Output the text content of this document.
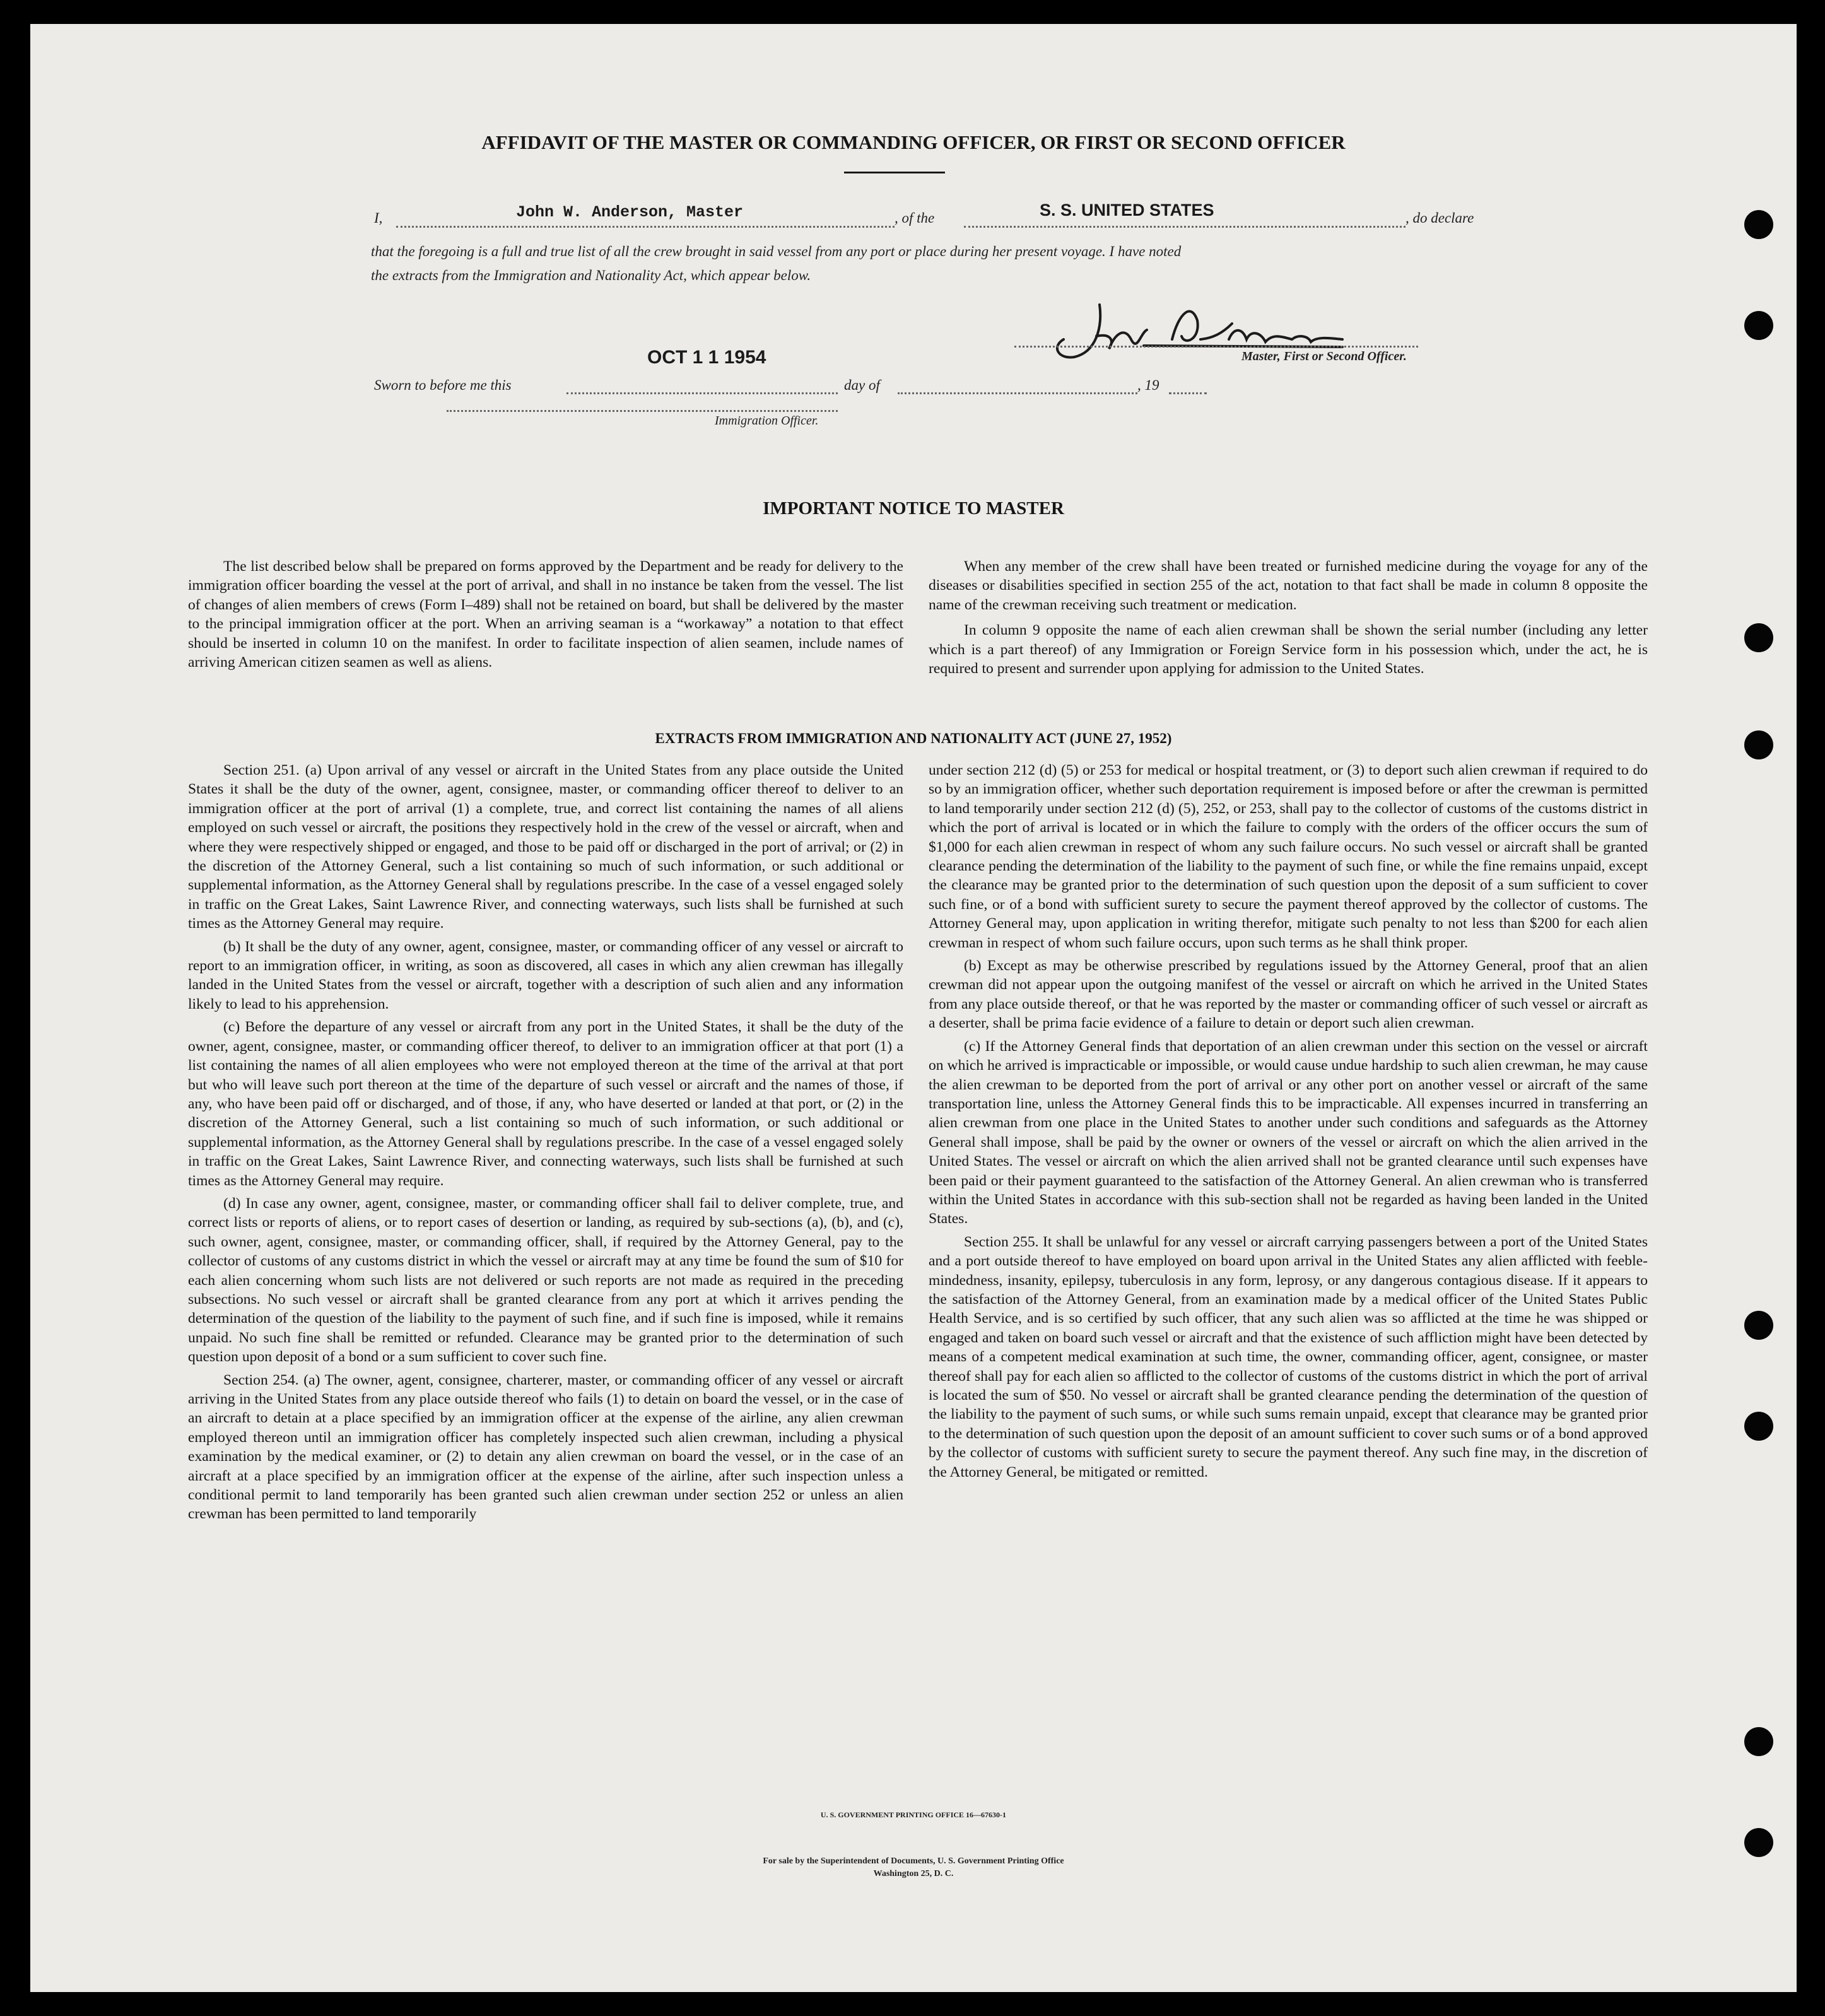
AFFIDAVIT OF THE MASTER OR COMMANDING OFFICER, OR FIRST OR SECOND OFFICER
I,	John W. Anderson, Master	, of the	S. S. UNITED STATES	, do declare
that the foregoing is a full and true list of all the crew brought in said vessel from any port or place during her present voyage. I have noted
the extracts from the Immigration and Nationality Act, which appear below.
Master, First or Second Officer.
OCT 1 1 1954
Sworn to before me this	day of	, 19
Immigration Officer.
IMPORTANT NOTICE TO MASTER

The list described below shall be prepared on forms approved by the Department and be ready for delivery to the immigration officer boarding the vessel at the port of arrival, and shall in no instance be taken from the vessel. The list of changes of alien members of crews (Form I–489) shall not be retained on board, but shall be delivered by the master to the principal immigration officer at the port. When an arriving seaman is a “workaway” a notation to that effect should be inserted in column 10 on the manifest. In order to facilitate inspection of alien seamen, include names of arriving American citizen seamen as well as aliens.

When any member of the crew shall have been treated or furnished medicine during the voyage for any of the diseases or disabilities specified in section 255 of the act, notation to that fact shall be made in column 8 opposite the name of the crewman receiving such treatment or medication.

In column 9 opposite the name of each alien crewman shall be shown the serial number (including any letter which is a part thereof) of any Immigration or Foreign Service form in his possession which, under the act, he is required to present and surrender upon applying for admission to the United States.

EXTRACTS FROM IMMIGRATION AND NATIONALITY ACT (JUNE 27, 1952)

Section 251. (a) Upon arrival of any vessel or aircraft in the United States from any place outside the United States it shall be the duty of the owner, agent, consignee, master, or commanding officer thereof to deliver to an immigration officer at the port of arrival (1) a complete, true, and correct list containing the names of all aliens employed on such vessel or aircraft, the positions they respectively hold in the crew of the vessel or aircraft, when and where they were respectively shipped or engaged, and those to be paid off or discharged in the port of arrival; or (2) in the discretion of the Attorney General, such a list containing so much of such information, or such additional or supplemental information, as the Attorney General shall by regulations prescribe. In the case of a vessel engaged solely in traffic on the Great Lakes, Saint Lawrence River, and connecting waterways, such lists shall be furnished at such times as the Attorney General may require.

(b) It shall be the duty of any owner, agent, consignee, master, or commanding officer of any vessel or aircraft to report to an immigration officer, in writing, as soon as discovered, all cases in which any alien crewman has illegally landed in the United States from the vessel or aircraft, together with a description of such alien and any information likely to lead to his apprehension.

(c) Before the departure of any vessel or aircraft from any port in the United States, it shall be the duty of the owner, agent, consignee, master, or commanding officer thereof, to deliver to an immigration officer at that port (1) a list containing the names of all alien employees who were not employed thereon at the time of the arrival at that port but who will leave such port thereon at the time of the departure of such vessel or aircraft and the names of those, if any, who have been paid off or discharged, and of those, if any, who have deserted or landed at that port, or (2) in the discretion of the Attorney General, such a list containing so much of such information, or such additional or supplemental information, as the Attorney General shall by regulations prescribe. In the case of a vessel engaged solely in traffic on the Great Lakes, Saint Lawrence River, and connecting waterways, such lists shall be furnished at such times as the Attorney General may require.

(d) In case any owner, agent, consignee, master, or commanding officer shall fail to deliver complete, true, and correct lists or reports of aliens, or to report cases of desertion or landing, as required by sub-sections (a), (b), and (c), such owner, agent, consignee, master, or commanding officer, shall, if required by the Attorney General, pay to the collector of customs of any customs district in which the vessel or aircraft may at any time be found the sum of $10 for each alien concerning whom such lists are not delivered or such reports are not made as required in the preceding subsections. No such vessel or aircraft shall be granted clearance from any port at which it arrives pending the determination of the question of the liability to the payment of such fine, and if such fine is imposed, while it remains unpaid. No such fine shall be remitted or refunded. Clearance may be granted prior to the determination of such question upon deposit of a bond or a sum sufficient to cover such fine.

Section 254. (a) The owner, agent, consignee, charterer, master, or commanding officer of any vessel or aircraft arriving in the United States from any place outside thereof who fails (1) to detain on board the vessel, or in the case of an aircraft to detain at a place specified by an immigration officer at the expense of the airline, any alien crewman employed thereon until an immigration officer has completely inspected such alien crewman, including a physical examination by the medical examiner, or (2) to detain any alien crewman on board the vessel, or in the case of an aircraft at a place specified by an immigration officer at the expense of the airline, after such inspection unless a conditional permit to land temporarily has been granted such alien crewman under section 252 or unless an alien crewman has been permitted to land temporarily

under section 212 (d) (5) or 253 for medical or hospital treatment, or (3) to deport such alien crewman if required to do so by an immigration officer, whether such deportation requirement is imposed before or after the crewman is permitted to land temporarily under section 212 (d) (5), 252, or 253, shall pay to the collector of customs of the customs district in which the port of arrival is located or in which the failure to comply with the orders of the officer occurs the sum of $1,000 for each alien crewman in respect of whom any such failure occurs. No such vessel or aircraft shall be granted clearance pending the determination of the liability to the payment of such fine, or while the fine remains unpaid, except the clearance may be granted prior to the determination of such question upon the deposit of a sum sufficient to cover such fine, or of a bond with sufficient surety to secure the payment thereof approved by the collector of customs. The Attorney General may, upon application in writing therefor, mitigate such penalty to not less than $200 for each alien crewman in respect of whom such failure occurs, upon such terms as he shall think proper.

(b) Except as may be otherwise prescribed by regulations issued by the Attorney General, proof that an alien crewman did not appear upon the outgoing manifest of the vessel or aircraft on which he arrived in the United States from any place outside thereof, or that he was reported by the master or commanding officer of such vessel or aircraft as a deserter, shall be prima facie evidence of a failure to detain or deport such alien crewman.

(c) If the Attorney General finds that deportation of an alien crewman under this section on the vessel or aircraft on which he arrived is impracticable or impossible, or would cause undue hardship to such alien crewman, he may cause the alien crewman to be deported from the port of arrival or any other port on another vessel or aircraft of the same transportation line, unless the Attorney General finds this to be impracticable. All expenses incurred in transferring an alien crewman from one place in the United States to another under such conditions and safeguards as the Attorney General shall impose, shall be paid by the owner or owners of the vessel or aircraft on which the alien arrived in the United States. The vessel or aircraft on which the alien arrived shall not be granted clearance until such expenses have been paid or their payment guaranteed to the satisfaction of the Attorney General. An alien crewman who is transferred within the United States in accordance with this sub-section shall not be regarded as having been landed in the United States.

Section 255. It shall be unlawful for any vessel or aircraft carrying passengers between a port of the United States and a port outside thereof to have employed on board upon arrival in the United States any alien afflicted with feeble-mindedness, insanity, epilepsy, tuberculosis in any form, leprosy, or any dangerous contagious disease. If it appears to the satisfaction of the Attorney General, from an examination made by a medical officer of the United States Public Health Service, and is so certified by such officer, that any such alien was so afflicted at the time he was shipped or engaged and taken on board such vessel or aircraft and that the existence of such affliction might have been detected by means of a competent medical examination at such time, the owner, commanding officer, agent, consignee, or master thereof shall pay for each alien so afflicted to the collector of customs of the customs district in which the port of arrival is located the sum of $50. No vessel or aircraft shall be granted clearance pending the determination of the question of the liability to the payment of such sums, or while such sums remain unpaid, except that clearance may be granted prior to the determination of such question upon the deposit of an amount sufficient to cover such sums or of a bond approved by the collector of customs with sufficient surety to secure the payment thereof. Any such fine may, in the discretion of the Attorney General, be mitigated or remitted.

U. S. GOVERNMENT PRINTING OFFICE 16—67630-1
For sale by the Superintendent of Documents, U. S. Government Printing Office
Washington 25, D. C.
